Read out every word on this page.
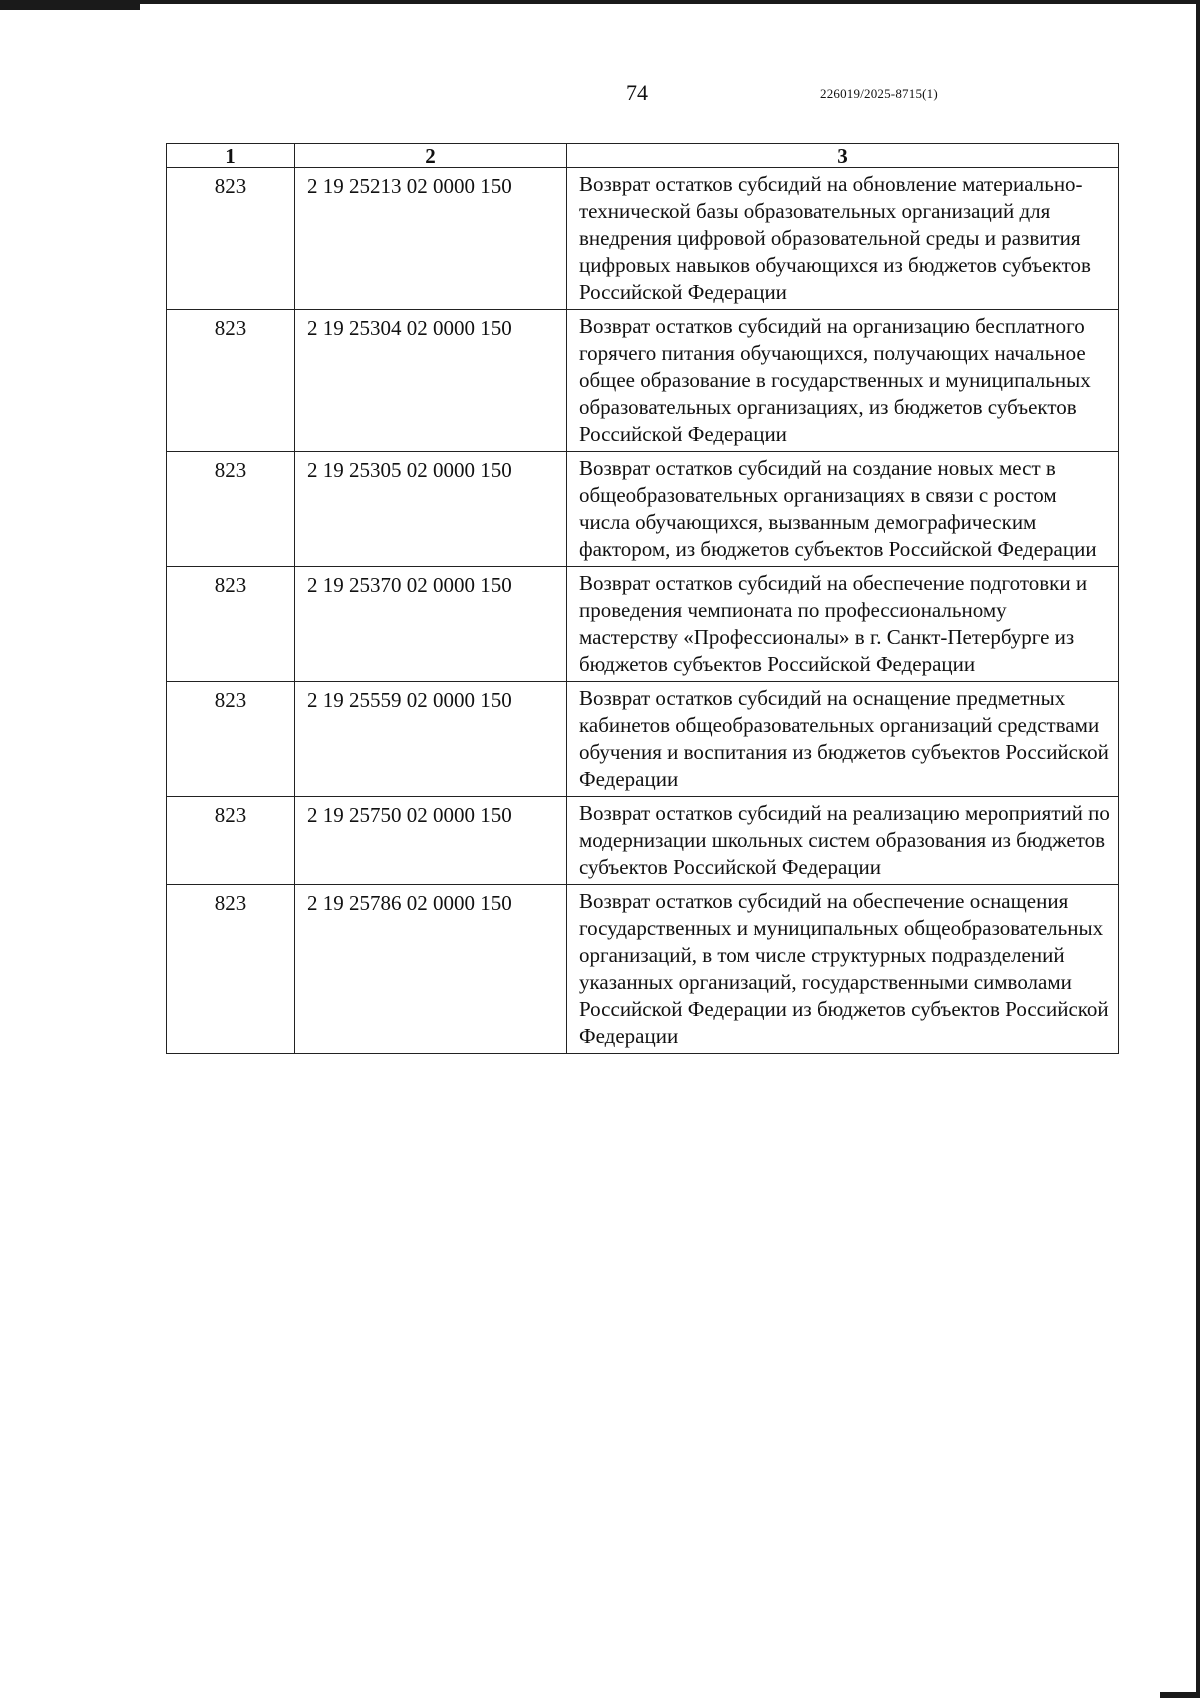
74	226019/2025-8715(1)
1	2	3
823	2 19 25213 02 0000 150	Возврат остатков субсидий на обновление материально-технической базы образовательных организаций для внедрения цифровой образовательной среды и развития цифровых навыков обучающихся из бюджетов субъектов Российской Федерации
823	2 19 25304 02 0000 150	Возврат остатков субсидий на организацию бесплатного горячего питания обучающихся, получающих начальное общее образование в государственных и муниципальных образовательных организациях, из бюджетов субъектов Российской Федерации
823	2 19 25305 02 0000 150	Возврат остатков субсидий на создание новых мест в общеобразовательных организациях в связи с ростом числа обучающихся, вызванным демографическим фактором, из бюджетов субъектов Российской Федерации
823	2 19 25370 02 0000 150	Возврат остатков субсидий на обеспечение подготовки и проведения чемпионата по профессиональному мастерству «Профессионалы» в г. Санкт-Петербурге из бюджетов субъектов Российской Федерации
823	2 19 25559 02 0000 150	Возврат остатков субсидий на оснащение предметных кабинетов общеобразовательных организаций средствами обучения и воспитания из бюджетов субъектов Российской Федерации
823	2 19 25750 02 0000 150	Возврат остатков субсидий на реализацию мероприятий по модернизации школьных систем образования из бюджетов субъектов Российской Федерации
823	2 19 25786 02 0000 150	Возврат остатков субсидий на обеспечение оснащения государственных и муниципальных общеобразовательных организаций, в том числе структурных подразделений указанных организаций, государственными символами Российской Федерации из бюджетов субъектов Российской Федерации
